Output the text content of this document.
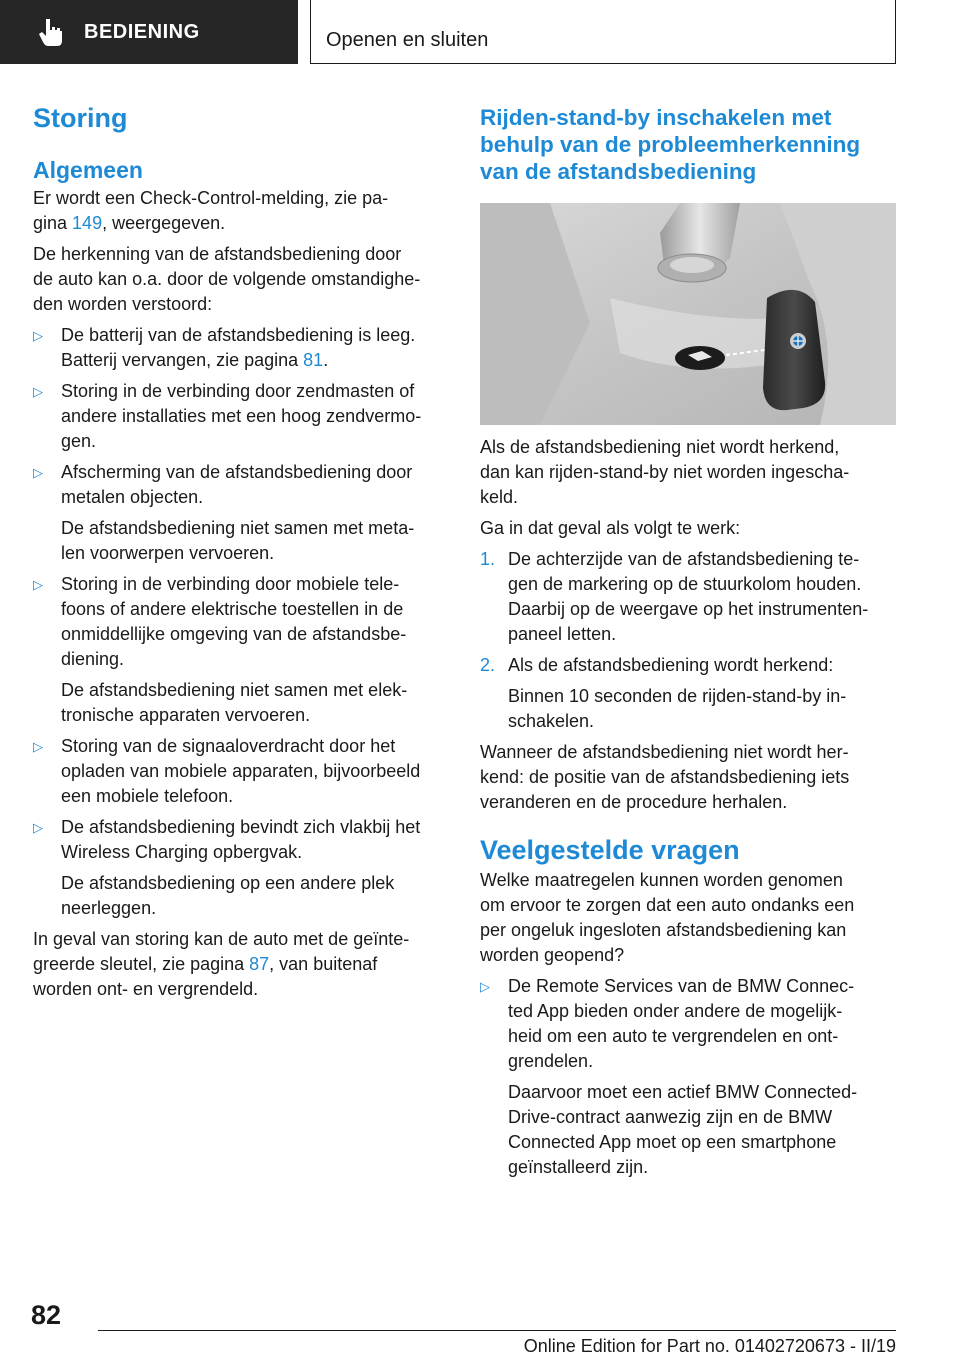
BEDIENING	Openen en sluiten
Storing
Algemeen
Er wordt een Check-Control-melding, zie pa-
gina 149, weergegeven.
De herkenning van de afstandsbediening door
de auto kan o.a. door de volgende omstandighe-
den worden verstoord:
▷ De batterij van de afstandsbediening is leeg.
Batterij vervangen, zie pagina 81.
▷ Storing in de verbinding door zendmasten of
andere installaties met een hoog zendvermo-
gen.
▷ Afscherming van de afstandsbediening door
metalen objecten.
De afstandsbediening niet samen met meta-
len voorwerpen vervoeren.
▷ Storing in de verbinding door mobiele tele-
foons of andere elektrische toestellen in de
onmiddellijke omgeving van de afstandsbe-
diening.
De afstandsbediening niet samen met elek-
tronische apparaten vervoeren.
▷ Storing van de signaaloverdracht door het
opladen van mobiele apparaten, bijvoorbeeld
een mobiele telefoon.
▷ De afstandsbediening bevindt zich vlakbij het
Wireless Charging opbergvak.
De afstandsbediening op een andere plek
neerleggen.
In geval van storing kan de auto met de geïnte-
greerde sleutel, zie pagina 87, van buitenaf
worden ont- en vergrendeld.
Rijden-stand-by inschakelen met
behulp van de probleemherkenning
van de afstandsbediening
Als de afstandsbediening niet wordt herkend,
dan kan rijden-stand-by niet worden ingescha-
keld.
Ga in dat geval als volgt te werk:
1. De achterzijde van de afstandsbediening te-
gen de markering op de stuurkolom houden.
Daarbij op de weergave op het instrumenten-
paneel letten.
2. Als de afstandsbediening wordt herkend:
Binnen 10 seconden de rijden-stand-by in-
schakelen.
Wanneer de afstandsbediening niet wordt her-
kend: de positie van de afstandsbediening iets
veranderen en de procedure herhalen.
Veelgestelde vragen
Welke maatregelen kunnen worden genomen
om ervoor te zorgen dat een auto ondanks een
per ongeluk ingesloten afstandsbediening kan
worden geopend?
▷ De Remote Services van de BMW Connec-
ted App bieden onder andere de mogelijk-
heid om een auto te vergrendelen en ont-
grendelen.
Daarvoor moet een actief BMW Connected-
Drive-contract aanwezig zijn en de BMW
Connected App moet op een smartphone
geïnstalleerd zijn.
82
Online Edition for Part no. 01402720673 - II/19
